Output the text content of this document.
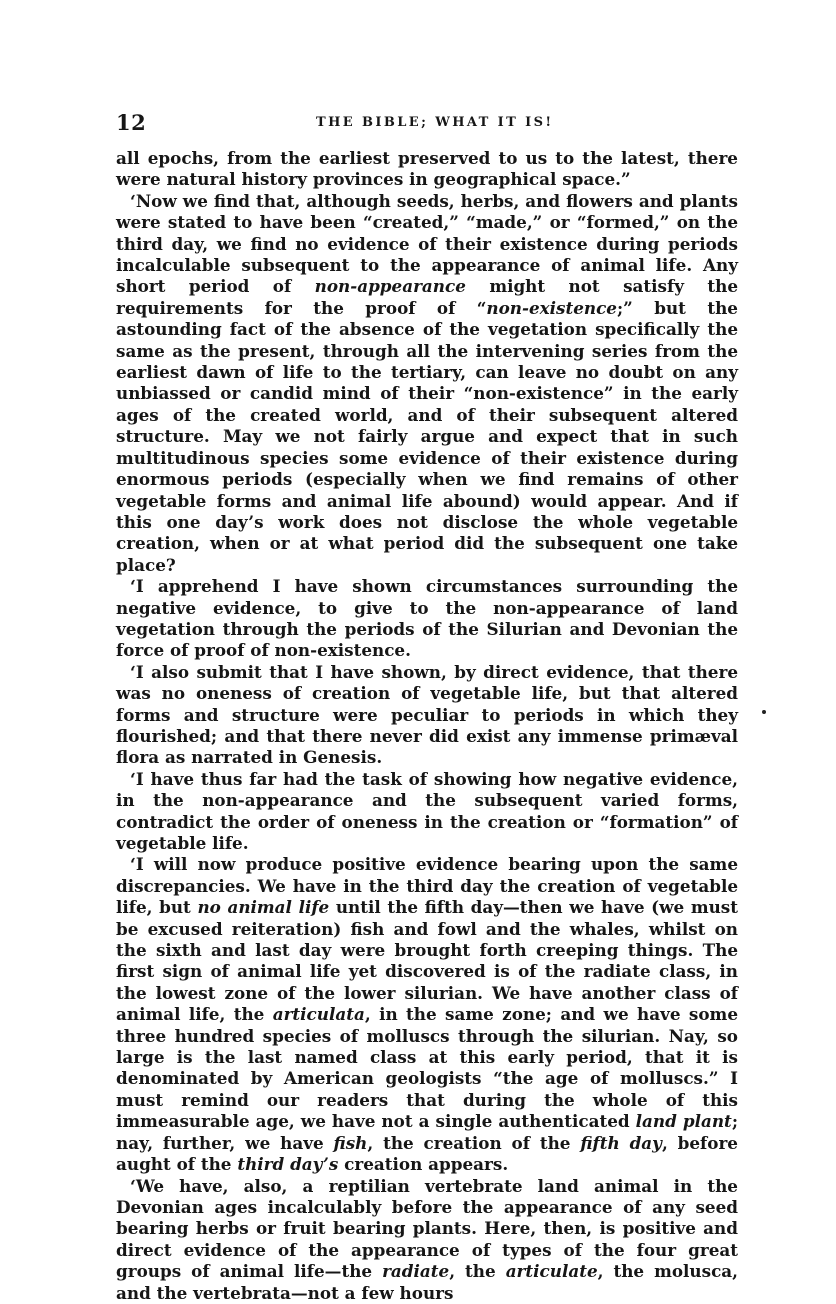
12	THE BIBLE; WHAT IT IS!

all epochs, from the earliest preserved to us to the latest, there were natural history provinces in geographical space.”

‘Now we find that, although seeds, herbs, and flowers and plants were stated to have been “created,” “made,” or “formed,” on the third day, we find no evidence of their existence during periods incalculable subsequent to the appearance of animal life. Any short period of non-appearance might not satisfy the requirements for the proof of “non-existence;” but the astounding fact of the absence of the vegetation specifically the same as the present, through all the intervening series from the earliest dawn of life to the tertiary, can leave no doubt on any unbiassed or candid mind of their “non-existence” in the early ages of the created world, and of their subsequent altered structure. May we not fairly argue and expect that in such multitudinous species some evidence of their existence during enormous periods (especially when we find remains of other vegetable forms and animal life abound) would appear. And if this one day’s work does not disclose the whole vegetable creation, when or at what period did the subsequent one take place?

‘I apprehend I have shown circumstances surrounding the negative evidence, to give to the non-appearance of land vegetation through the periods of the Silurian and Devonian the force of proof of non-existence.

‘I also submit that I have shown, by direct evidence, that there was no oneness of creation of vegetable life, but that altered forms and structure were peculiar to periods in which they flourished; and that there never did exist any immense primæval flora as narrated in Genesis.

‘I have thus far had the task of showing how negative evidence, in the non-appearance and the subsequent varied forms, contradict the order of oneness in the creation or “formation” of vegetable life.

‘I will now produce positive evidence bearing upon the same discrepancies. We have in the third day the creation of vegetable life, but no animal life until the fifth day—then we have (we must be excused reiteration) fish and fowl and the whales, whilst on the sixth and last day were brought forth creeping things. The first sign of animal life yet discovered is of the radiate class, in the lowest zone of the lower silurian. We have another class of animal life, the articulata, in the same zone; and we have some three hundred species of molluscs through the silurian. Nay, so large is the last named class at this early period, that it is denominated by American geologists “the age of molluscs.” I must remind our readers that during the whole of this immeasurable age, we have not a single authenticated land plant; nay, further, we have fish, the creation of the fifth day, before aught of the third day’s creation appears.

‘We have, also, a reptilian vertebrate land animal in the Devonian ages incalculably before the appearance of any seed bearing herbs or fruit bearing plants. Here, then, is positive and direct evidence of the appearance of types of the four great groups of animal life—the radiate, the articulate, the molusca, and the vertebrata—not a few hours
